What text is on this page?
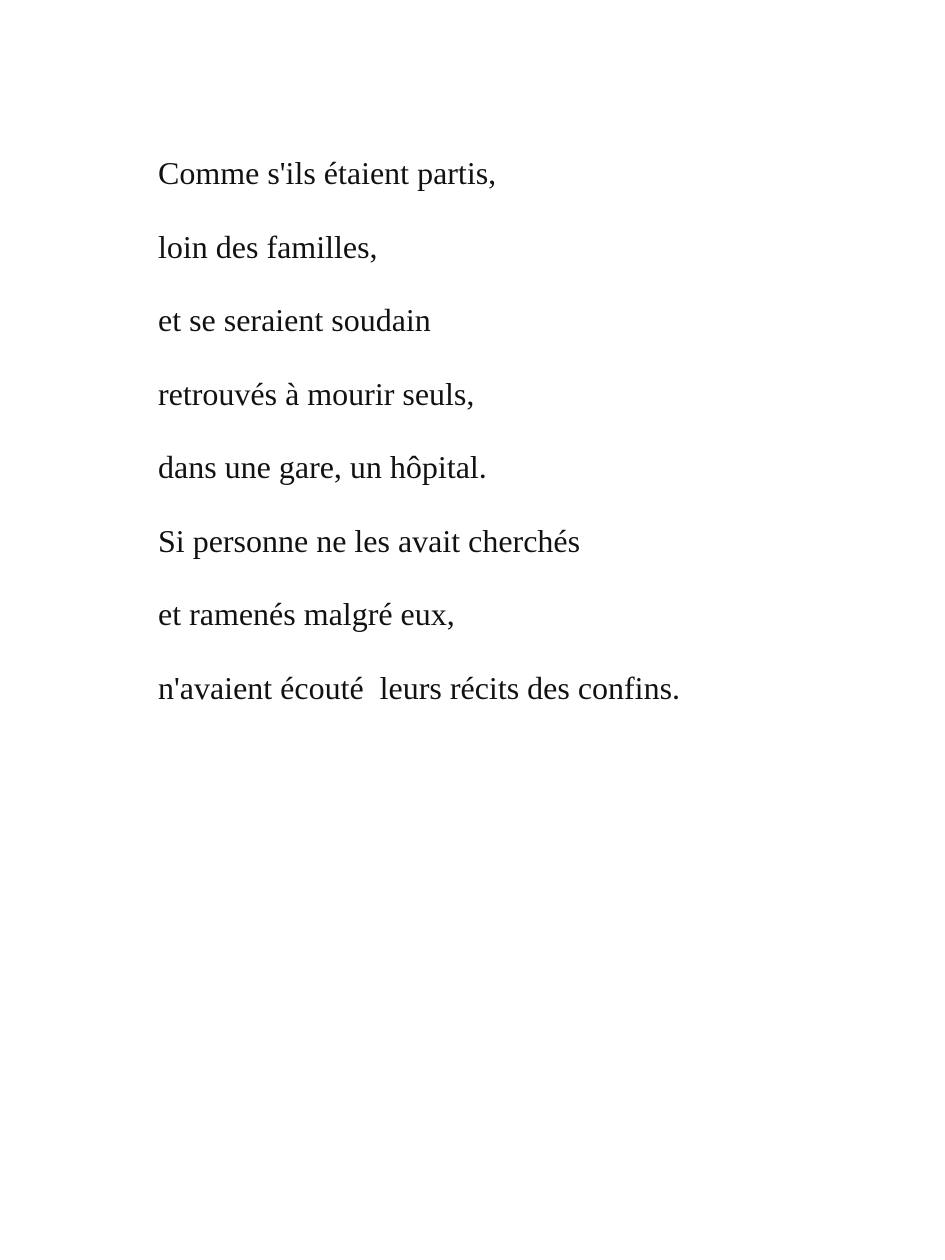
Comme s'ils étaient partis,

loin des familles,

et se seraient soudain

retrouvés à mourir seuls,

dans une gare, un hôpital.

Si personne ne les avait cherchés

et ramenés malgré eux,

n'avaient écouté  leurs récits des confins.
